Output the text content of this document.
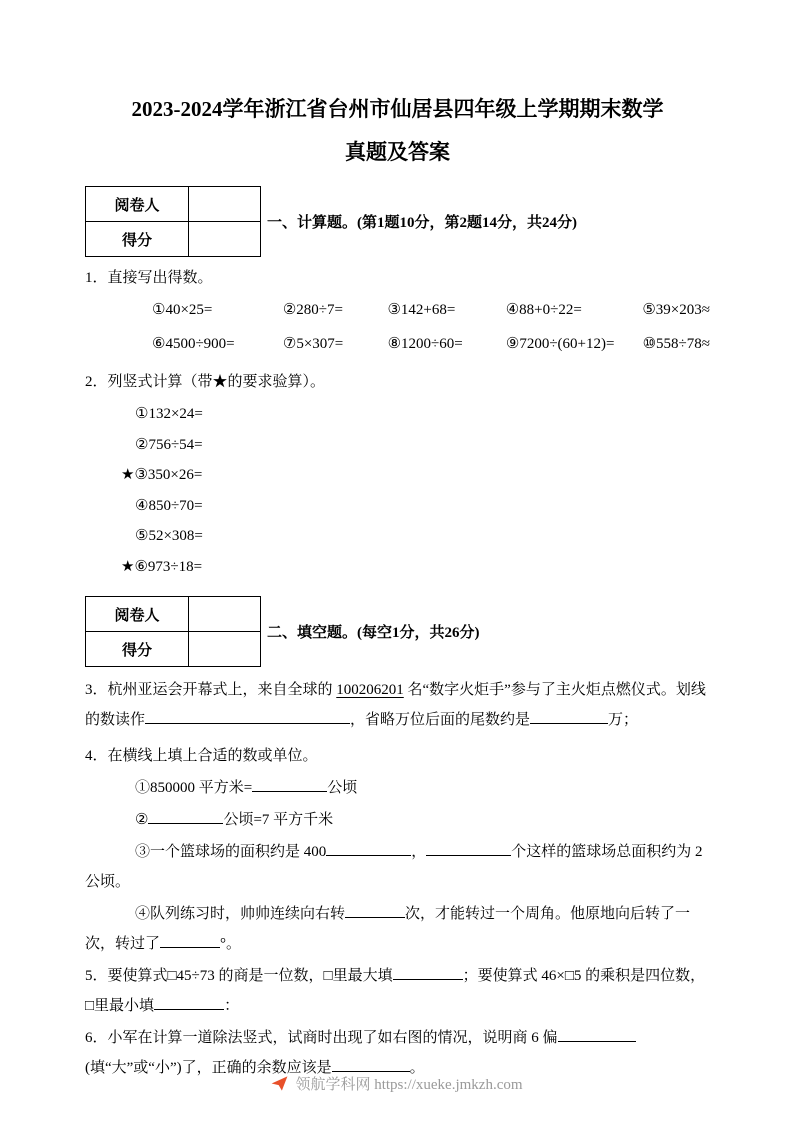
2023-2024学年浙江省台州市仙居县四年级上学期期末数学
真题及答案
阅卷人	
得分	
一、计算题。(第1题10分，第2题14分，共24分)

1．直接写出得数。

①40×25=	②280÷7=	③142+68=	④88+0÷22=	⑤39×203≈
⑥4500÷900=	⑦5×307=	⑧1200÷60=	⑨7200÷(60+12)=	⑩558÷78≈

2．列竖式计算（带★的要求验算）。

①132×24=
②756÷54=
★③350×26=
④850÷70=
⑤52×308=
★⑥973÷18=
阅卷人	
得分	
二、填空题。(每空1分，共26分)

3．杭州亚运会开幕式上，来自全球的 100206201 名“数字火炬手”参与了主火炬点燃仪式。划线的数读作	，省略万位后面的尾数约是	万；

4．在横线上填上合适的数或单位。

①850000 平方米=	公顷

②	公顷=7 平方千米

③一个篮球场的面积约是 400	，	个这样的篮球场总面积约为 2 公顷。

④队列练习时，帅帅连续向右转	次，才能转过一个周角。他原地向后转了一次，转过了	°。

5．要使算式□45÷73 的商是一位数，□里最大填	；要使算式 46×□5 的乘积是四位数，□里最小填	：

6．小军在计算一道除法竖式，试商时出现了如右图的情况，说明商 6 偏(填“大”或“小”)了，正确的余数应该是	。

领航学科网 https://xueke.jmkzh.com
